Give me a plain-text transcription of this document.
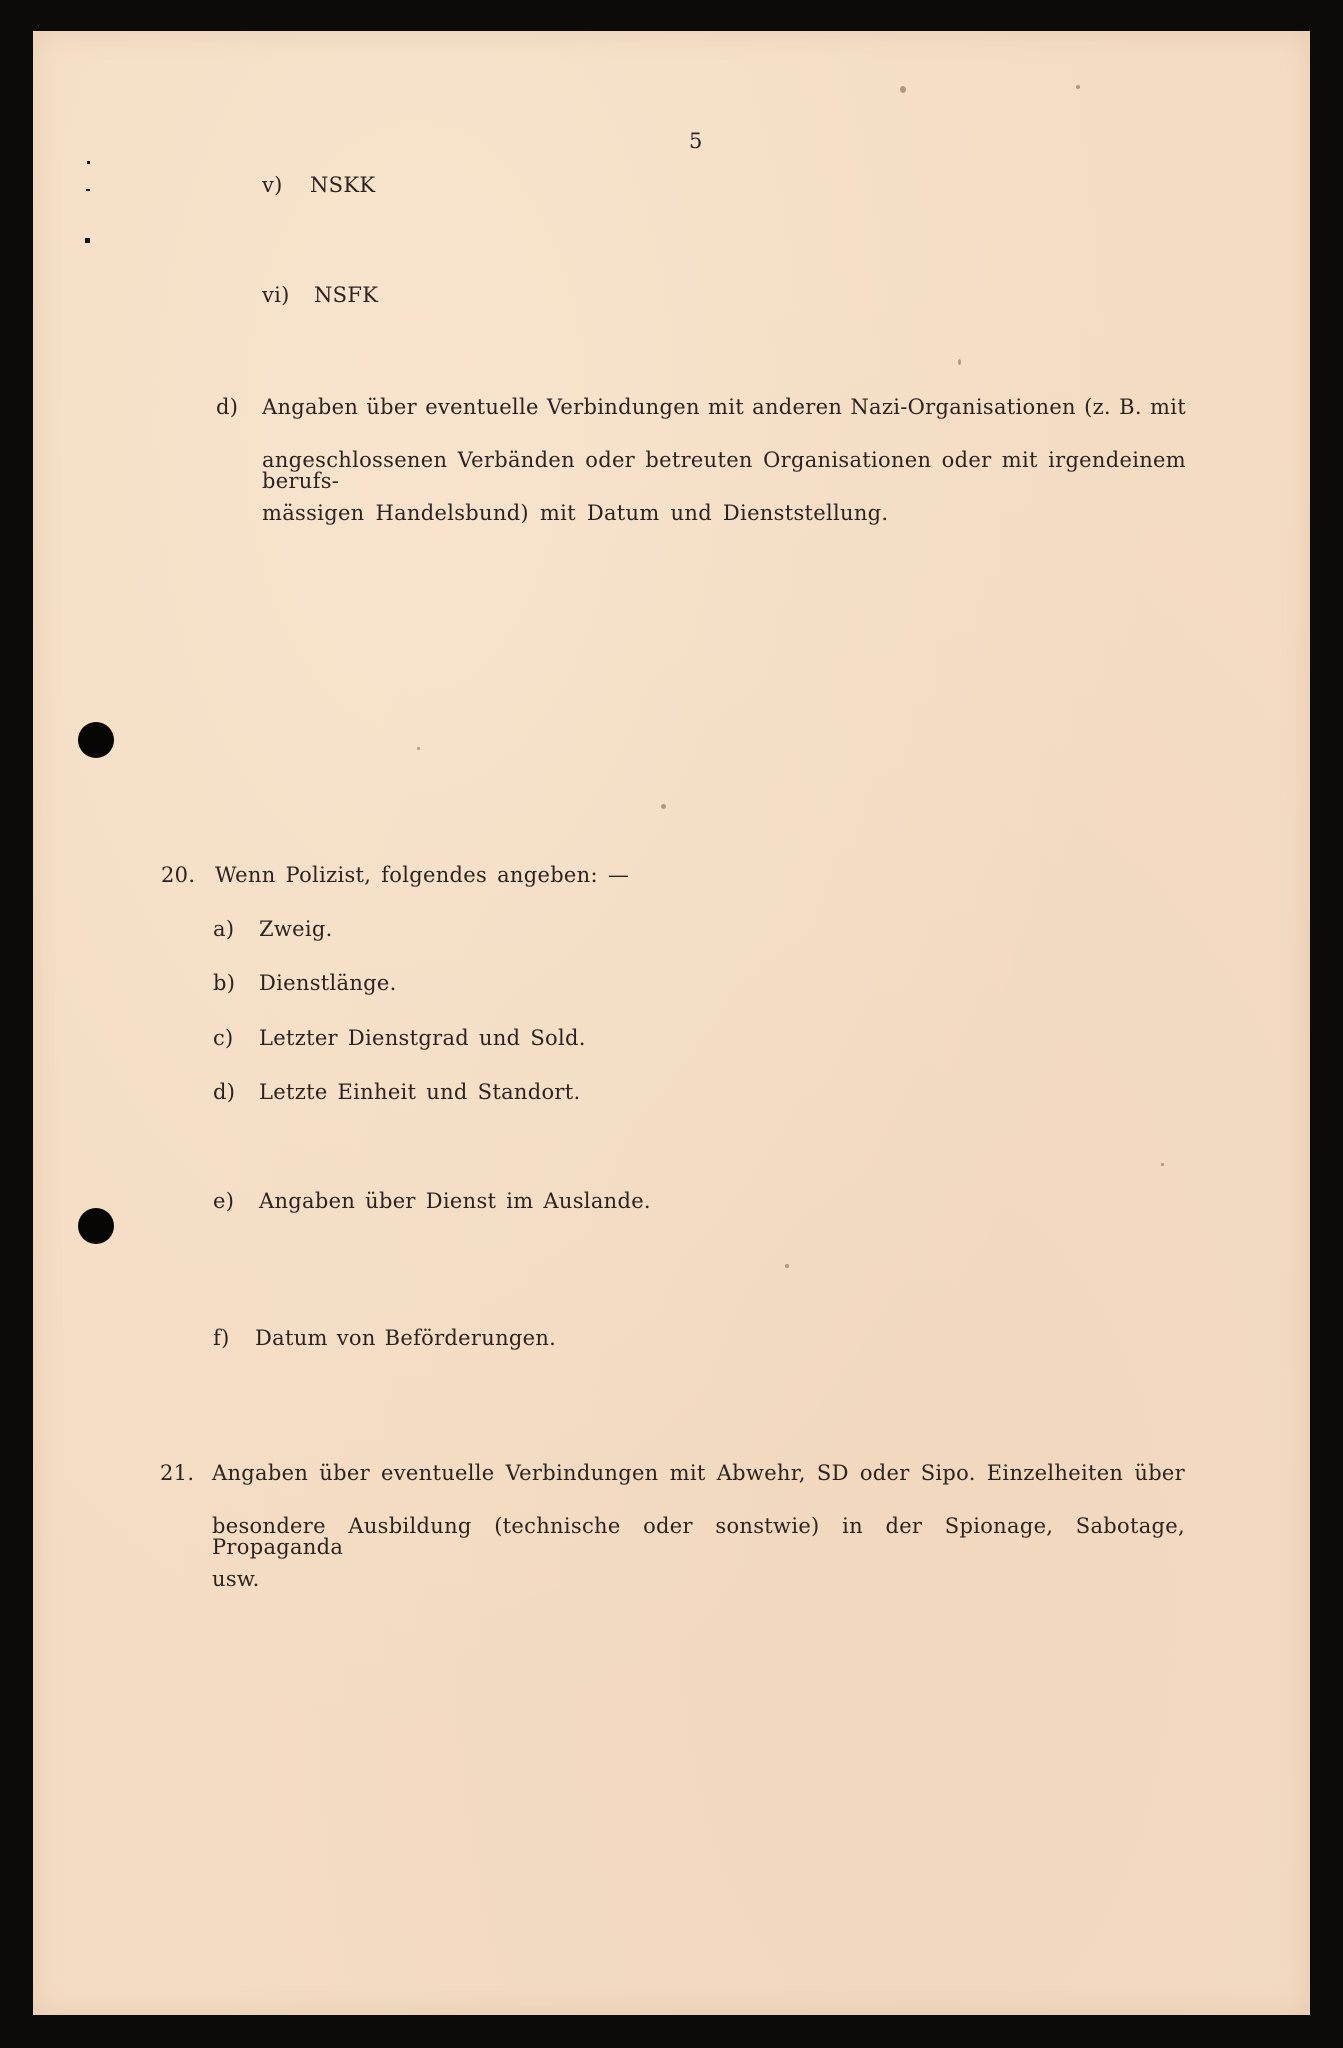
5
v) NSKK
vi) NSFK
d) Angaben über eventuelle Verbindungen mit anderen Nazi-Organisationen (z. B. mit
angeschlossenen Verbänden oder betreuten Organisationen oder mit irgendeinem berufs-
mässigen Handelsbund) mit Datum und Dienststellung.
20. Wenn Polizist, folgendes angeben: —
a) Zweig.
b) Dienstlänge.
c) Letzter Dienstgrad und Sold.
d) Letzte Einheit und Standort.
e) Angaben über Dienst im Auslande.
f) Datum von Beförderungen.
21. Angaben über eventuelle Verbindungen mit Abwehr, SD oder Sipo. Einzelheiten über
besondere Ausbildung (technische oder sonstwie) in der Spionage, Sabotage, Propaganda
usw.
